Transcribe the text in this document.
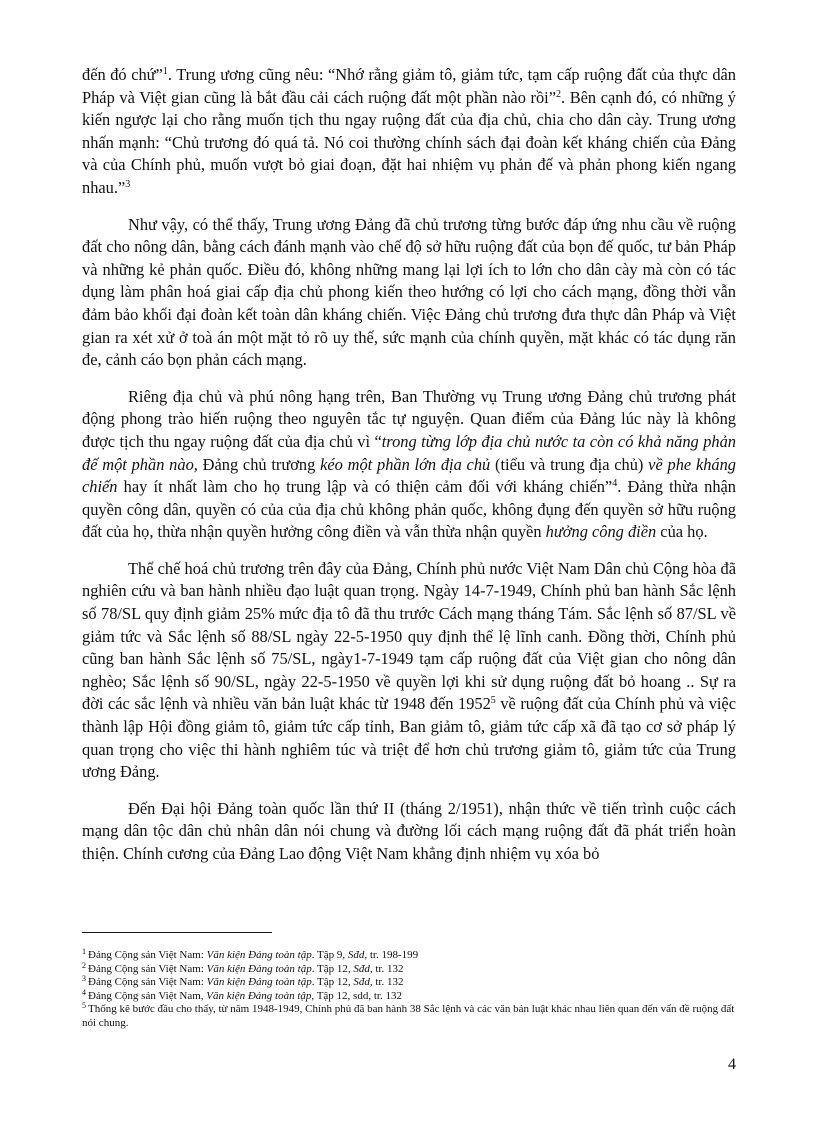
đến đó chứ”$^1$. Trung ương cũng nêu: “Nhớ rằng giảm tô, giảm tức, tạm cấp ruộng đất của thực dân Pháp và Việt gian cũng là bắt đầu cải cách ruộng đất một phần nào rồi”$^2$. Bên cạnh đó, có những ý kiến ngược lại cho rằng muốn tịch thu ngay ruộng đất của địa chủ, chia cho dân cày. Trung ương nhấn mạnh: “Chủ trương đó quá tả. Nó coi thường chính sách đại đoàn kết kháng chiến của Đảng và của Chính phủ, muốn vượt bỏ giai đoạn, đặt hai nhiệm vụ phản đế và phản phong kiến ngang nhau.”$^3$

Như vậy, có thể thấy, Trung ương Đảng đã chủ trương từng bước đáp ứng nhu cầu về ruộng đất cho nông dân, bằng cách đánh mạnh vào chế độ sở hữu ruộng đất của bọn đế quốc, tư bản Pháp và những kẻ phản quốc. Điều đó, không những mang lại lợi ích to lớn cho dân cày mà còn có tác dụng làm phân hoá giai cấp địa chủ phong kiến theo hướng có lợi cho cách mạng, đồng thời vẫn đảm bảo khối đại đoàn kết toàn dân kháng chiến. Việc Đảng chủ trương đưa thực dân Pháp và Việt gian ra xét xử ở toà án một mặt tỏ rõ uy thế, sức mạnh của chính quyền, mặt khác có tác dụng răn đe, cảnh cáo bọn phản cách mạng.

Riêng địa chủ và phú nông hạng trên, Ban Thường vụ Trung ương Đảng chủ trương phát động phong trào hiến ruộng theo nguyên tắc tự nguyện. Quan điểm của Đảng lúc này là không được tịch thu ngay ruộng đất của địa chủ vì “trong từng lớp địa chủ nước ta còn có khả năng phản đế một phần nào, Đảng chủ trương kéo một phần lớn địa chủ (tiểu và trung địa chủ) về phe kháng chiến hay ít nhất làm cho họ trung lập và có thiện cảm đối với kháng chiến”$^4$. Đảng thừa nhận quyền công dân, quyền có của của địa chủ không phản quốc, không đụng đến quyền sở hữu ruộng đất của họ, thừa nhận quyền hưởng công điền và vẫn thừa nhận quyền hưởng công điền của họ.

Thể chế hoá chủ trương trên đây của Đảng, Chính phủ nước Việt Nam Dân chủ Cộng hòa đã nghiên cứu và ban hành nhiều đạo luật quan trọng. Ngày 14-7-1949, Chính phủ ban hành Sắc lệnh số 78/SL quy định giảm 25% mức địa tô đã thu trước Cách mạng tháng Tám. Sắc lệnh số 87/SL về giảm tức và Sắc lệnh số 88/SL ngày 22-5-1950 quy định thể lệ lĩnh canh. Đồng thời, Chính phủ cũng ban hành Sắc lệnh số 75/SL, ngày1-7-1949 tạm cấp ruộng đất của Việt gian cho nông dân nghèo; Sắc lệnh số 90/SL, ngày 22-5-1950 về quyền lợi khi sử dụng ruộng đất bỏ hoang .. Sự ra đời các sắc lệnh và nhiều văn bản luật khác từ 1948 đến 1952$^5$ về ruộng đất của Chính phủ và việc thành lập Hội đồng giảm tô, giảm tức cấp tỉnh, Ban giảm tô, giảm tức cấp xã đã tạo cơ sở pháp lý quan trọng cho việc thi hành nghiêm túc và triệt để hơn chủ trương giảm tô, giảm tức của Trung ương Đảng.

Đến Đại hội Đảng toàn quốc lần thứ II (tháng 2/1951), nhận thức về tiến trình cuộc cách mạng dân tộc dân chủ nhân dân nói chung và đường lối cách mạng ruộng đất đã phát triển hoàn thiện. Chính cương của Đảng Lao động Việt Nam khẳng định nhiệm vụ xóa bỏ

$^1$ Đảng Cộng sản Việt Nam: Văn kiện Đảng toàn tập. Tập 9, Sđd, tr. 198-199

$^2$ Đảng Cộng sản Việt Nam: Văn kiện Đảng toàn tập. Tập 12, Sđd, tr. 132

$^3$ Đảng Cộng sản Việt Nam: Văn kiện Đảng toàn tập. Tập 12, Sđd, tr. 132

$^4$ Đảng Cộng sản Việt Nam, Văn kiện Đảng toàn tập, Tập 12, sdd, tr. 132

$^5$ Thống kê bước đầu cho thấy, từ năm 1948-1949, Chính phủ đã ban hành 38 Sắc lệnh và các văn bản luật khác nhau liên quan đến vấn đề ruộng đất nói chung.

4
